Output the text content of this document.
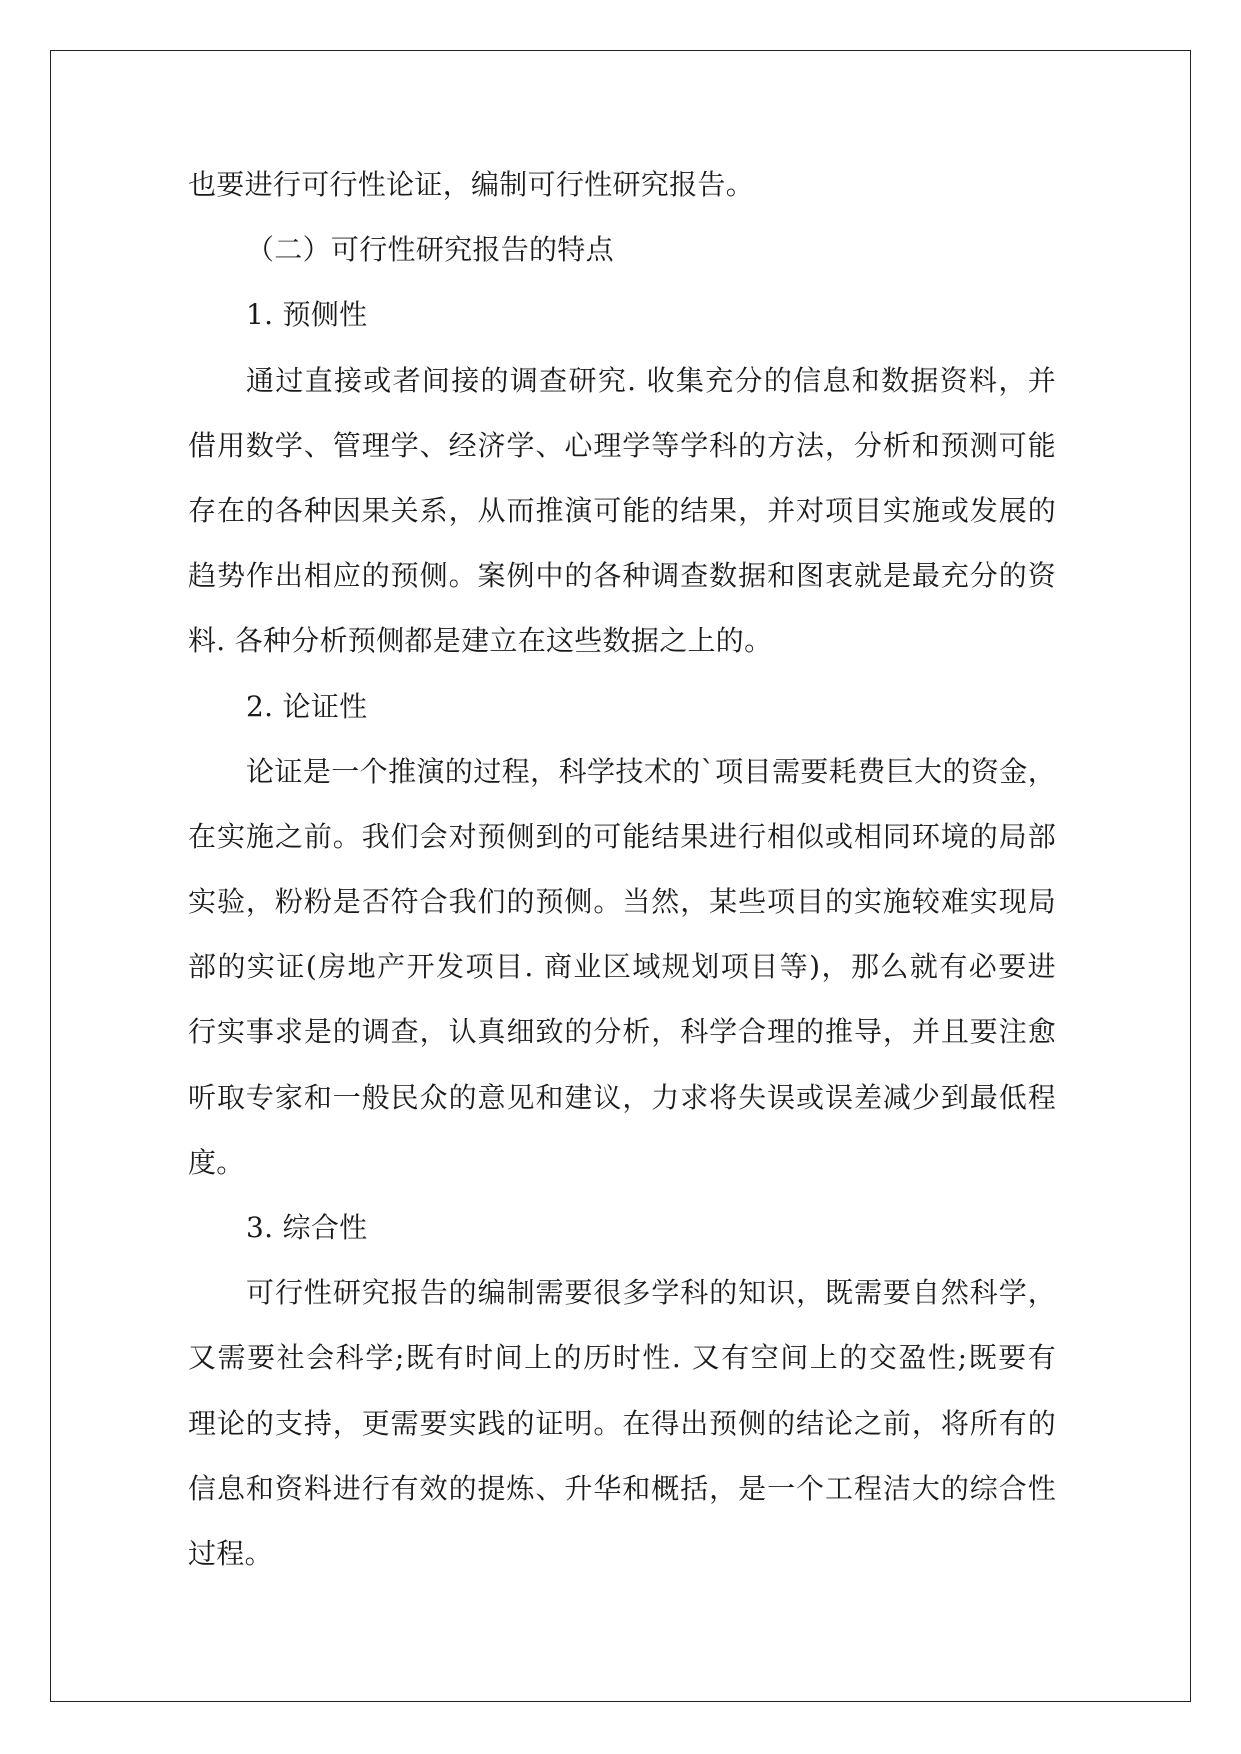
也要进行可行性论证，编制可行性研究报告。
（二）可行性研究报告的特点
1. 预侧性
通过直接或者间接的调查研究. 收集充分的信息和数据资料，并
借用数学、管理学、经济学、心理学等学科的方法，分析和预测可能
存在的各种因果关系，从而推演可能的结果，并对项目实施或发展的
趋势作出相应的预侧。案例中的各种调查数据和图衷就是最充分的资
料. 各种分析预侧都是建立在这些数据之上的。
2. 论证性
论证是一个推演的过程，科学技术的`项目需要耗费巨大的资金，
在实施之前。我们会对预侧到的可能结果进行相似或相同环境的局部
实验，粉粉是否符合我们的预侧。当然，某些项目的实施较难实现局
部的实证(房地产开发项目. 商业区域规划项目等)，那么就有必要进
行实事求是的调查，认真细致的分析，科学合理的推导，并且要注愈
听取专家和一般民众的意见和建议，力求将失误或误差减少到最低程
度。
3. 综合性
可行性研究报告的编制需要很多学科的知识，既需要自然科学，
又需要社会科学;既有时间上的历时性. 又有空间上的交盈性;既要有
理论的支持，更需要实践的证明。在得出预侧的结论之前，将所有的
信息和资料进行有效的提炼、升华和概括，是一个工程洁大的综合性
过程。
